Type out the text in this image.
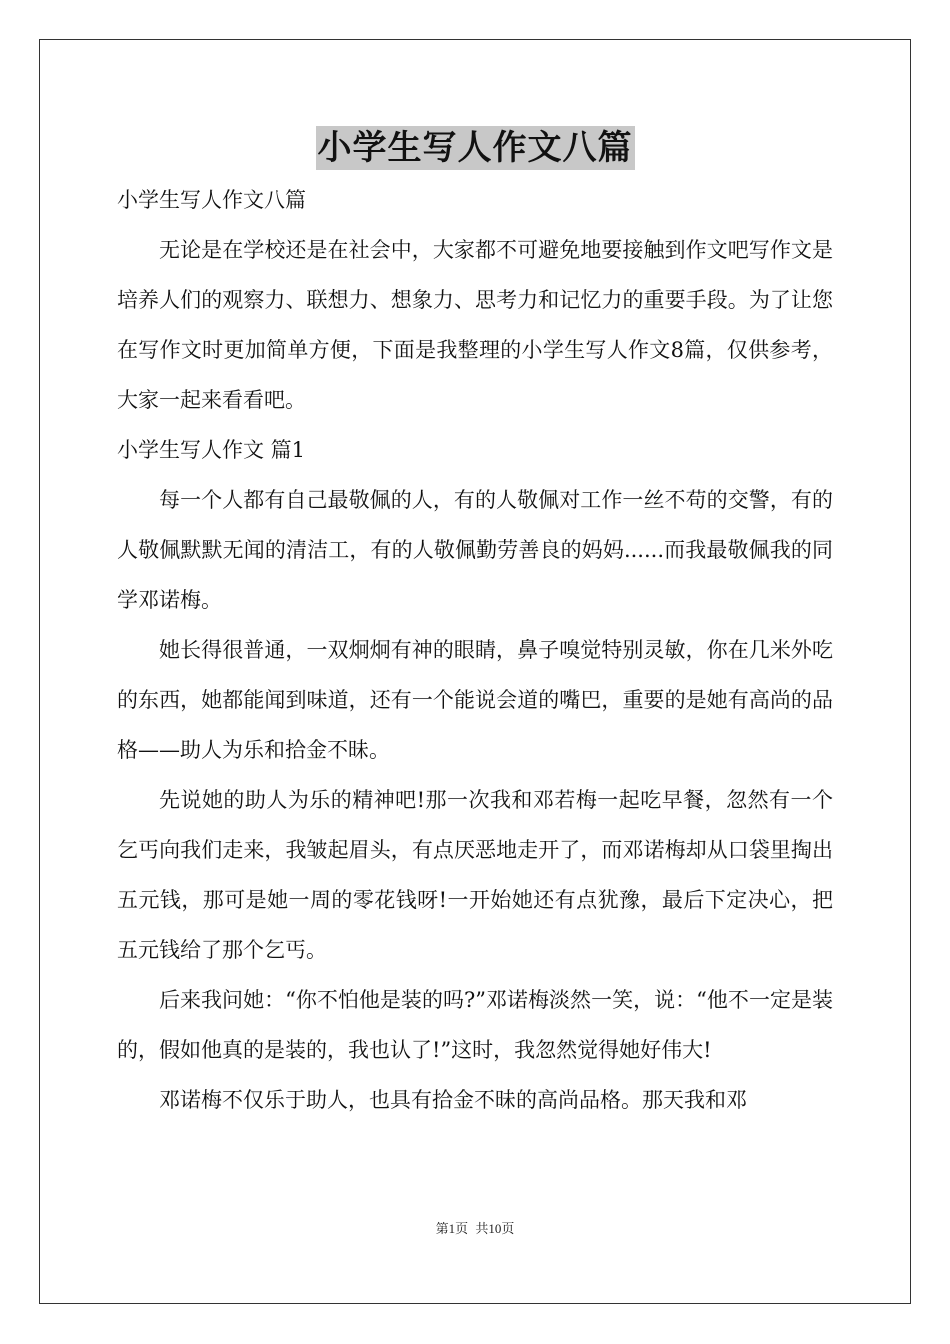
小学生写人作文八篇

小学生写人作文八篇

无论是在学校还是在社会中，大家都不可避免地要接触到作文吧写作文是培养人们的观察力、联想力、想象力、思考力和记忆力的重要手段。为了让您在写作文时更加简单方便，下面是我整理的小学生写人作文8篇，仅供参考，大家一起来看看吧。

小学生写人作文 篇1

每一个人都有自己最敬佩的人，有的人敬佩对工作一丝不苟的交警，有的人敬佩默默无闻的清洁工，有的人敬佩勤劳善良的妈妈......而我最敬佩我的同学邓诺梅。

她长得很普通，一双炯炯有神的眼睛，鼻子嗅觉特别灵敏，你在几米外吃的东西，她都能闻到味道，还有一个能说会道的嘴巴，重要的是她有高尚的品格——助人为乐和拾金不昧。

先说她的助人为乐的精神吧!那一次我和邓若梅一起吃早餐，忽然有一个乞丐向我们走来，我皱起眉头，有点厌恶地走开了，而邓诺梅却从口袋里掏出五元钱，那可是她一周的零花钱呀!一开始她还有点犹豫，最后下定决心，把五元钱给了那个乞丐。

后来我问她：“你不怕他是装的吗?”邓诺梅淡然一笑，说：“他不一定是装的，假如他真的是装的，我也认了!”这时，我忽然觉得她好伟大!

邓诺梅不仅乐于助人，也具有拾金不昧的高尚品格。那天我和邓

第1页 共10页
